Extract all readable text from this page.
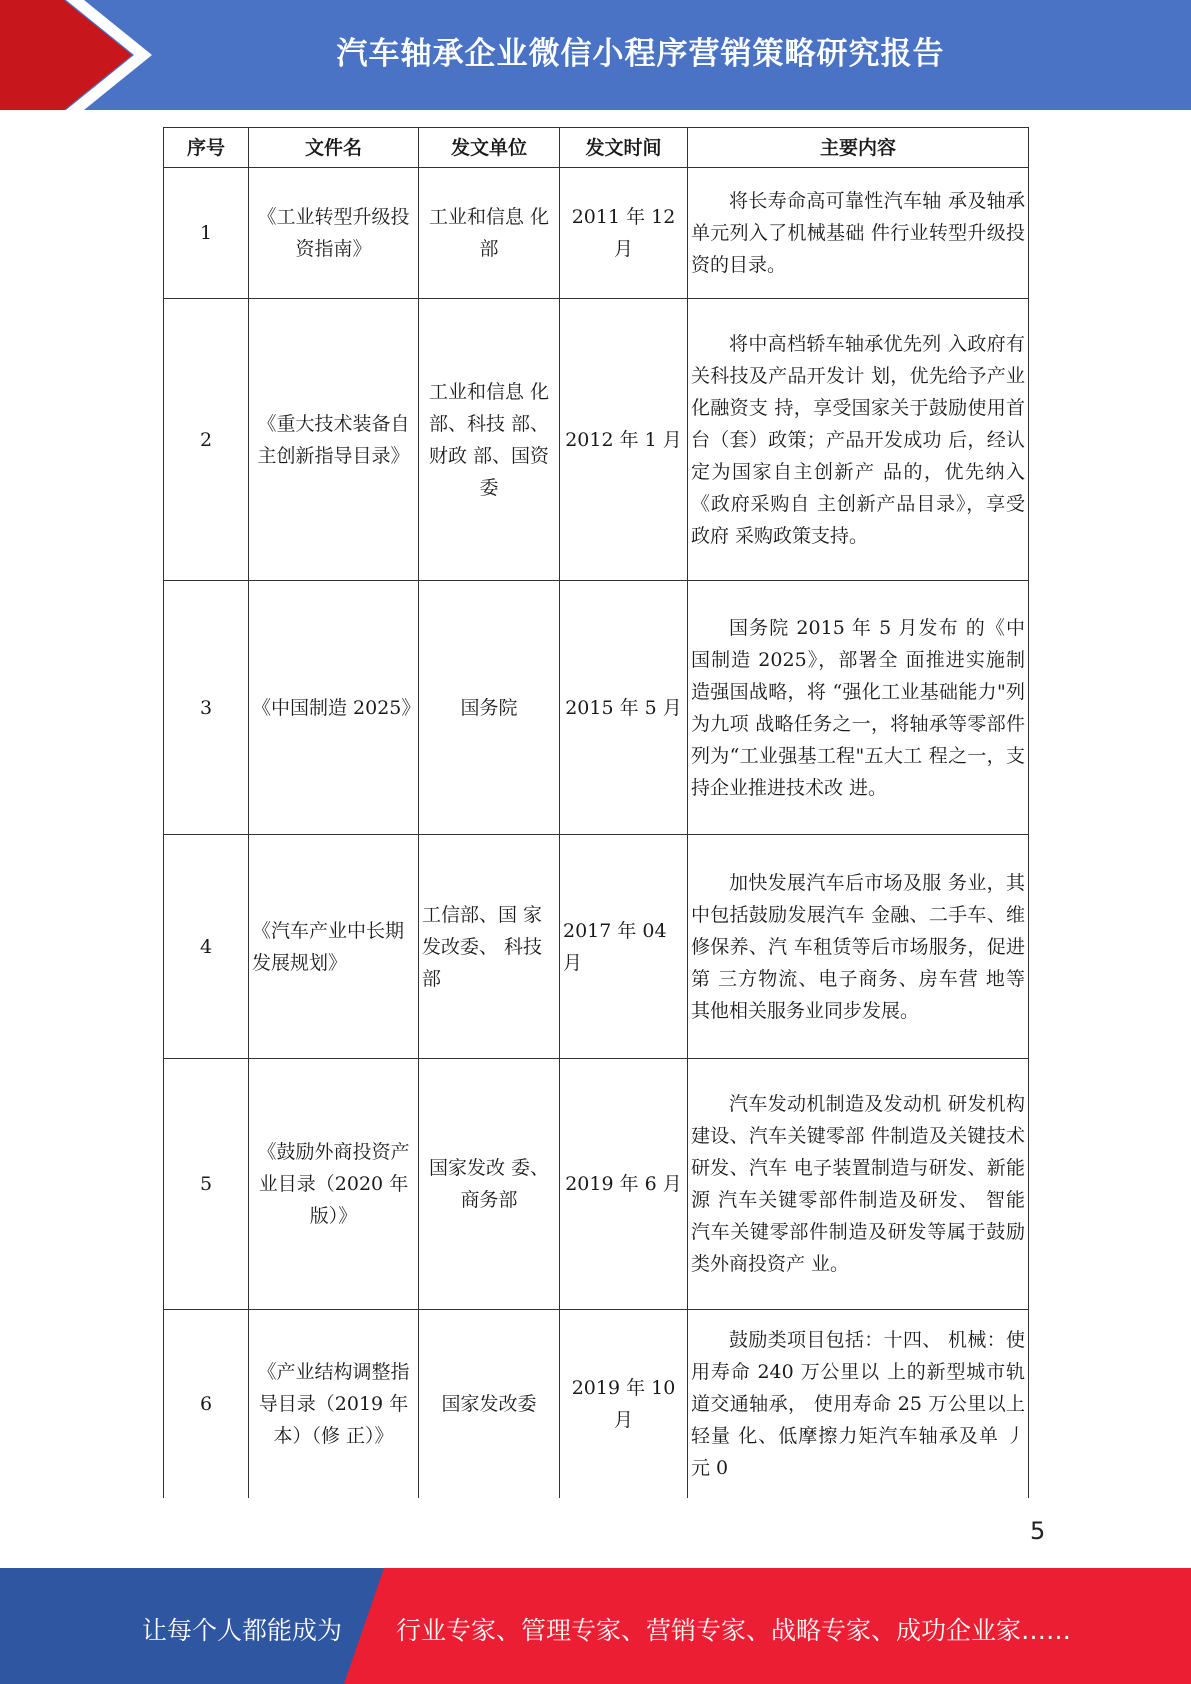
汽车轴承企业微信小程序营销策略研究报告
序号	文件名	发文单位	发文时间	主要内容
1	《工业转型升级投资指南》	工业和信息 化部	2011 年 12 月	将长寿命高可靠性汽车轴 承及轴承单元列入了机械基础 件行业转型升级投资的目录。

2	《重大技术装备自主创新指导目录》	工业和信息 化部、科技 部、财政 部、国资委	2012 年 1 月	将中高档轿车轴承优先列 入政府有关科技及产品开发计 划，优先给予产业化融资支 持，享受国家关于鼓励使用首 台（套）政策；产品开发成功 后，经认定为国家自主创新产 品的，优先纳入《政府采购自 主创新产品目录》，享受政府 采购政策支持。

3	《中国制造 2025》	国务院	2015 年 5 月	国务院 2015 年 5 月发布 的《中国制造 2025》，部署全 面推进实施制造强国战略，将 “强化工业基础能力"列为九项 战略任务之一，将轴承等零部件列为“工业强基工程"五大工 程之一，支持企业推进技术改 进。

4	《汽车产业中长期发展规划》	工信部、国 家发改委、 科技部	2017 年 04 月	加快发展汽车后市场及服 务业，其中包括鼓励发展汽车 金融、二手车、维修保养、汽 车租赁等后市场服务，促进第 三方物流、电子商务、房车营 地等其他相关服务业同步发展。

5	《鼓励外商投资产业目录（2020 年版）》	国家发改 委、商务部	2019 年 6 月	汽车发动机制造及发动机 研发机构建设、汽车关键零部 件制造及关键技术研发、汽车 电子装置制造与研发、新能源 汽车关键零部件制造及研发、 智能汽车关键零部件制造及研发等属于鼓励类外商投资产 业。

6	《产业结构调整指导目录（2019 年本）（修 正）》	国家发改委	2019 年 10 月	鼓励类项目包括：十四、 机械：使用寿命 240 万公里以 上的新型城市轨道交通轴承， 使用寿命 25 万公里以上轻量 化、低摩擦力矩汽车轴承及单 丿元 0
5
让每个人都能成为 行业专家、管理专家、营销专家、战略专家、成功企业家……
